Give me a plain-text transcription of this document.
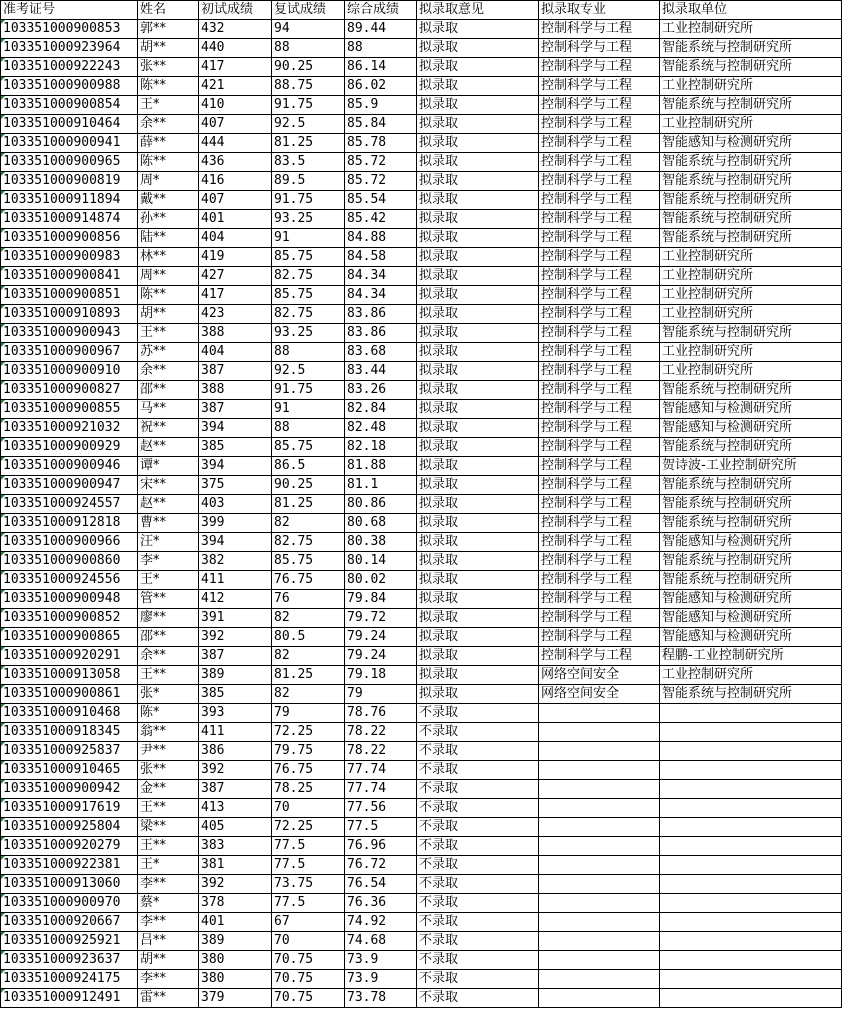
准考证号	姓名	初试成绩	复试成绩	综合成绩	拟录取意见	拟录取专业	拟录取单位
103351000900853	郭**	432	94	89.44	拟录取	控制科学与工程	工业控制研究所
103351000923964	胡**	440	88	88	拟录取	控制科学与工程	智能系统与控制研究所
103351000922243	张**	417	90.25	86.14	拟录取	控制科学与工程	智能系统与控制研究所
103351000900988	陈**	421	88.75	86.02	拟录取	控制科学与工程	工业控制研究所
103351000900854	王*	410	91.75	85.9	拟录取	控制科学与工程	智能系统与控制研究所
103351000910464	余**	407	92.5	85.84	拟录取	控制科学与工程	工业控制研究所
103351000900941	薛**	444	81.25	85.78	拟录取	控制科学与工程	智能感知与检测研究所
103351000900965	陈**	436	83.5	85.72	拟录取	控制科学与工程	智能系统与控制研究所
103351000900819	周*	416	89.5	85.72	拟录取	控制科学与工程	智能系统与控制研究所
103351000911894	戴**	407	91.75	85.54	拟录取	控制科学与工程	智能系统与控制研究所
103351000914874	孙**	401	93.25	85.42	拟录取	控制科学与工程	智能系统与控制研究所
103351000900856	陆**	404	91	84.88	拟录取	控制科学与工程	智能系统与控制研究所
103351000900983	林**	419	85.75	84.58	拟录取	控制科学与工程	工业控制研究所
103351000900841	周**	427	82.75	84.34	拟录取	控制科学与工程	工业控制研究所
103351000900851	陈**	417	85.75	84.34	拟录取	控制科学与工程	工业控制研究所
103351000910893	胡**	423	82.75	83.86	拟录取	控制科学与工程	工业控制研究所
103351000900943	王**	388	93.25	83.86	拟录取	控制科学与工程	智能系统与控制研究所
103351000900967	苏**	404	88	83.68	拟录取	控制科学与工程	工业控制研究所
103351000900910	余**	387	92.5	83.44	拟录取	控制科学与工程	工业控制研究所
103351000900827	邵**	388	91.75	83.26	拟录取	控制科学与工程	智能系统与控制研究所
103351000900855	马**	387	91	82.84	拟录取	控制科学与工程	智能感知与检测研究所
103351000921032	祝**	394	88	82.48	拟录取	控制科学与工程	智能感知与检测研究所
103351000900929	赵**	385	85.75	82.18	拟录取	控制科学与工程	智能系统与控制研究所
103351000900946	谭*	394	86.5	81.88	拟录取	控制科学与工程	贺诗波-工业控制研究所
103351000900947	宋**	375	90.25	81.1	拟录取	控制科学与工程	智能系统与控制研究所
103351000924557	赵**	403	81.25	80.86	拟录取	控制科学与工程	智能系统与控制研究所
103351000912818	曹**	399	82	80.68	拟录取	控制科学与工程	智能系统与控制研究所
103351000900966	汪*	394	82.75	80.38	拟录取	控制科学与工程	智能感知与检测研究所
103351000900860	李*	382	85.75	80.14	拟录取	控制科学与工程	智能系统与控制研究所
103351000924556	王*	411	76.75	80.02	拟录取	控制科学与工程	智能系统与控制研究所
103351000900948	管**	412	76	79.84	拟录取	控制科学与工程	智能感知与检测研究所
103351000900852	廖**	391	82	79.72	拟录取	控制科学与工程	智能感知与检测研究所
103351000900865	邵**	392	80.5	79.24	拟录取	控制科学与工程	智能感知与检测研究所
103351000920291	余**	387	82	79.24	拟录取	控制科学与工程	程鹏-工业控制研究所
103351000913058	王**	389	81.25	79.18	拟录取	网络空间安全	工业控制研究所
103351000900861	张*	385	82	79	拟录取	网络空间安全	智能系统与控制研究所
103351000910468	陈*	393	79	78.76	不录取		
103351000918345	翁**	411	72.25	78.22	不录取		
103351000925837	尹**	386	79.75	78.22	不录取		
103351000910465	张**	392	76.75	77.74	不录取		
103351000900942	金**	387	78.25	77.74	不录取		
103351000917619	王**	413	70	77.56	不录取		
103351000925804	梁**	405	72.25	77.5	不录取		
103351000920279	王**	383	77.5	76.96	不录取		
103351000922381	王*	381	77.5	76.72	不录取		
103351000913060	李**	392	73.75	76.54	不录取		
103351000900970	蔡*	378	77.5	76.36	不录取		
103351000920667	李**	401	67	74.92	不录取		
103351000925921	吕**	389	70	74.68	不录取		
103351000923637	胡**	380	70.75	73.9	不录取		
103351000924175	李**	380	70.75	73.9	不录取		
103351000912491	雷**	379	70.75	73.78	不录取		
